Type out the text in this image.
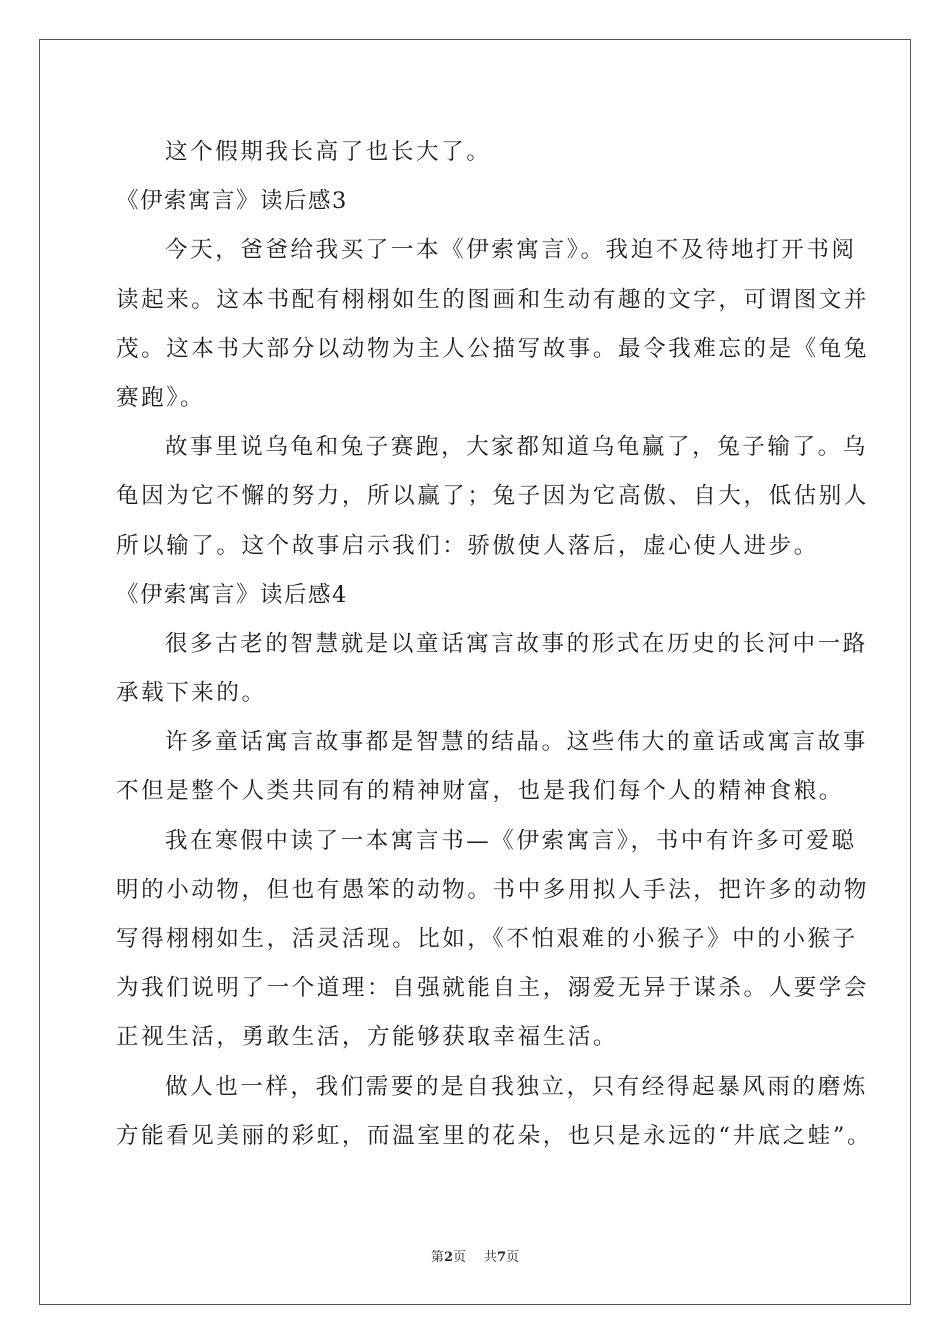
这个假期我长高了也长大了。
《伊索寓言》读后感3
今天，爸爸给我买了一本《伊索寓言》。我迫不及待地打开书阅
读起来。这本书配有栩栩如生的图画和生动有趣的文字，可谓图文并
茂。这本书大部分以动物为主人公描写故事。最令我难忘的是《龟兔
赛跑》。
故事里说乌龟和兔子赛跑，大家都知道乌龟赢了，兔子输了。乌
龟因为它不懈的努力，所以赢了；兔子因为它高傲、自大，低估别人
所以输了。这个故事启示我们：骄傲使人落后，虚心使人进步。
《伊索寓言》读后感4
很多古老的智慧就是以童话寓言故事的形式在历史的长河中一路
承载下来的。
许多童话寓言故事都是智慧的结晶。这些伟大的童话或寓言故事
不但是整个人类共同有的精神财富，也是我们每个人的精神食粮。
我在寒假中读了一本寓言书—《伊索寓言》，书中有许多可爱聪
明的小动物，但也有愚笨的动物。书中多用拟人手法，把许多的动物
写得栩栩如生，活灵活现。比如，《不怕艰难的小猴子》中的小猴子
为我们说明了一个道理：自强就能自主，溺爱无异于谋杀。人要学会
正视生活，勇敢生活，方能够获取幸福生活。
做人也一样，我们需要的是自我独立，只有经得起暴风雨的磨炼
方能看见美丽的彩虹，而温室里的花朵，也只是永远的“井底之蛙”。
第2页 共7页
